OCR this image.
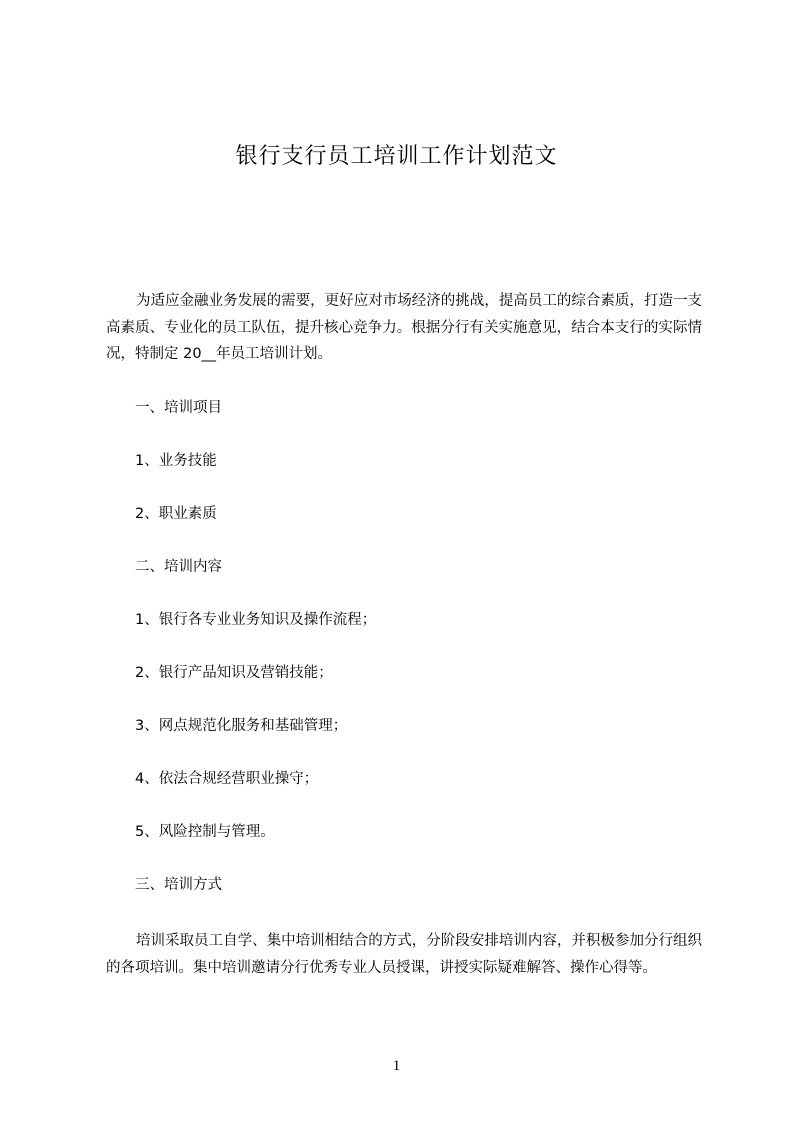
银行支行员工培训工作计划范文
为适应金融业务发展的需要，更好应对市场经济的挑战，提高员工的综合素质，打造一支高素质、专业化的员工队伍，提升核心竞争力。根据分行有关实施意见，结合本支行的实际情况，特制定 20__年员工培训计划。
一、培训项目
1、业务技能
2、职业素质
二、培训内容
1、银行各专业业务知识及操作流程；
2、银行产品知识及营销技能；
3、网点规范化服务和基础管理；
4、依法合规经营职业操守；
5、风险控制与管理。
三、培训方式
培训采取员工自学、集中培训相结合的方式，分阶段安排培训内容，并积极参加分行组织的各项培训。集中培训邀请分行优秀专业人员授课，讲授实际疑难解答、操作心得等。
1
